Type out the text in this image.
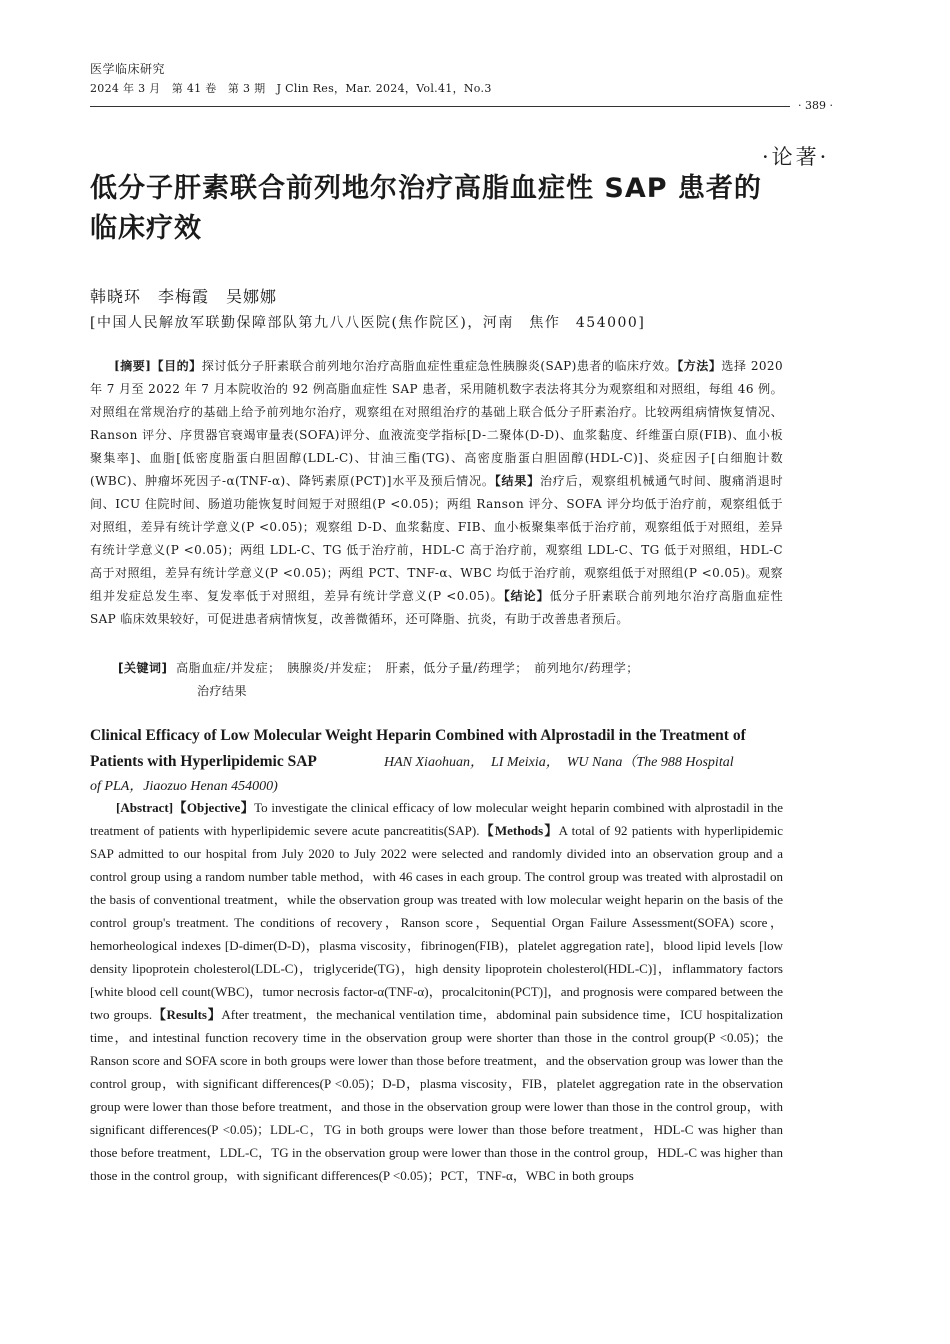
医学临床研究
2024 年 3 月　第 41 卷　第 3 期　J Clin Res，Mar. 2024，Vol.41，No.3
· 389 ·
·论著·
低分子肝素联合前列地尔治疗高脂血症性 SAP 患者的
临床疗效
韩晓环　李梅霞　吴娜娜
[中国人民解放军联勤保障部队第九八八医院(焦作院区)，河南　焦作　454000]
[摘要]【目的】探讨低分子肝素联合前列地尔治疗高脂血症性重症急性胰腺炎(SAP)患者的临床疗效。【方法】选择 2020 年 7 月至 2022 年 7 月本院收治的 92 例高脂血症性 SAP 患者，采用随机数字表法将其分为观察组和对照组，每组 46 例。对照组在常规治疗的基础上给予前列地尔治疗，观察组在对照组治疗的基础上联合低分子肝素治疗。比较两组病情恢复情况、Ranson 评分、序贯器官衰竭审量表(SOFA)评分、血液流变学指标[D-二聚体(D-D)、血浆黏度、纤维蛋白原(FIB)、血小板聚集率]、血脂[低密度脂蛋白胆固醇(LDL-C)、甘油三酯(TG)、高密度脂蛋白胆固醇(HDL-C)]、炎症因子[白细胞计数(WBC)、肿瘤坏死因子-α(TNF-α)、降钙素原(PCT)]水平及预后情况。【结果】治疗后，观察组机械通气时间、腹痛消退时间、ICU 住院时间、肠道功能恢复时间短于对照组(P <0.05)；两组 Ranson 评分、SOFA 评分均低于治疗前，观察组低于对照组，差异有统计学意义(P <0.05)；观察组 D-D、血浆黏度、FIB、血小板聚集率低于治疗前，观察组低于对照组，差异有统计学意义(P <0.05)；两组 LDL-C、TG 低于治疗前，HDL-C 高于治疗前，观察组 LDL-C、TG 低于对照组，HDL-C 高于对照组，差异有统计学意义(P <0.05)；两组 PCT、TNF-α、WBC 均低于治疗前，观察组低于对照组(P <0.05)。观察组并发症总发生率、复发率低于对照组，差异有统计学意义(P <0.05)。【结论】低分子肝素联合前列地尔治疗高脂血症性 SAP 临床效果较好，可促进患者病情恢复，改善微循环，还可降脂、抗炎，有助于改善患者预后。
[关键词] 高脂血症/并发症；　胰腺炎/并发症；　肝素，低分子量/药理学；　前列地尔/药理学；
治疗结果
Clinical Efficacy of Low Molecular Weight Heparin Combined with Alprostadil in the Treatment of Patients with Hyperlipidemic SAP	HAN Xiaohuan，　LI Meixia，　WU Nana（The 988 Hospital
of PLA，Jiaozuo Henan 454000)
[Abstract]【Objective】To investigate the clinical efficacy of low molecular weight heparin combined with alprostadil in the treatment of patients with hyperlipidemic severe acute pancreatitis(SAP).【Methods】A total of 92 patients with hyperlipidemic SAP admitted to our hospital from July 2020 to July 2022 were selected and randomly divided into an observation group and a control group using a random number table method，with 46 cases in each group. The control group was treated with alprostadil on the basis of conventional treatment，while the observation group was treated with low molecular weight heparin on the basis of the control group's treatment. The conditions of recovery，Ranson score，Sequential Organ Failure Assessment(SOFA) score，hemorheological indexes [D-dimer(D-D)，plasma viscosity，fibrinogen(FIB)，platelet aggregation rate]，blood lipid levels [low density lipoprotein cholesterol(LDL-C)，triglyceride(TG)，high density lipoprotein cholesterol(HDL-C)]，inflammatory factors [white blood cell count(WBC)，tumor necrosis factor-α(TNF-α)，procalcitonin(PCT)]，and prognosis were compared between the two groups.【Results】After treatment，the mechanical ventilation time，abdominal pain subsidence time，ICU hospitalization time，and intestinal function recovery time in the observation group were shorter than those in the control group(P <0.05)；the Ranson score and SOFA score in both groups were lower than those before treatment，and the observation group was lower than the control group，with significant differences(P <0.05)；D-D，plasma viscosity，FIB，platelet aggregation rate in the observation group were lower than those before treatment，and those in the observation group were lower than those in the control group，with significant differences(P <0.05)；LDL-C，TG in both groups were lower than those before treatment，HDL-C was higher than those before treatment，LDL-C，TG in the observation group were lower than those in the control group，HDL-C was higher than those in the control group，with significant differences(P <0.05)；PCT，TNF-α，WBC in both groups
